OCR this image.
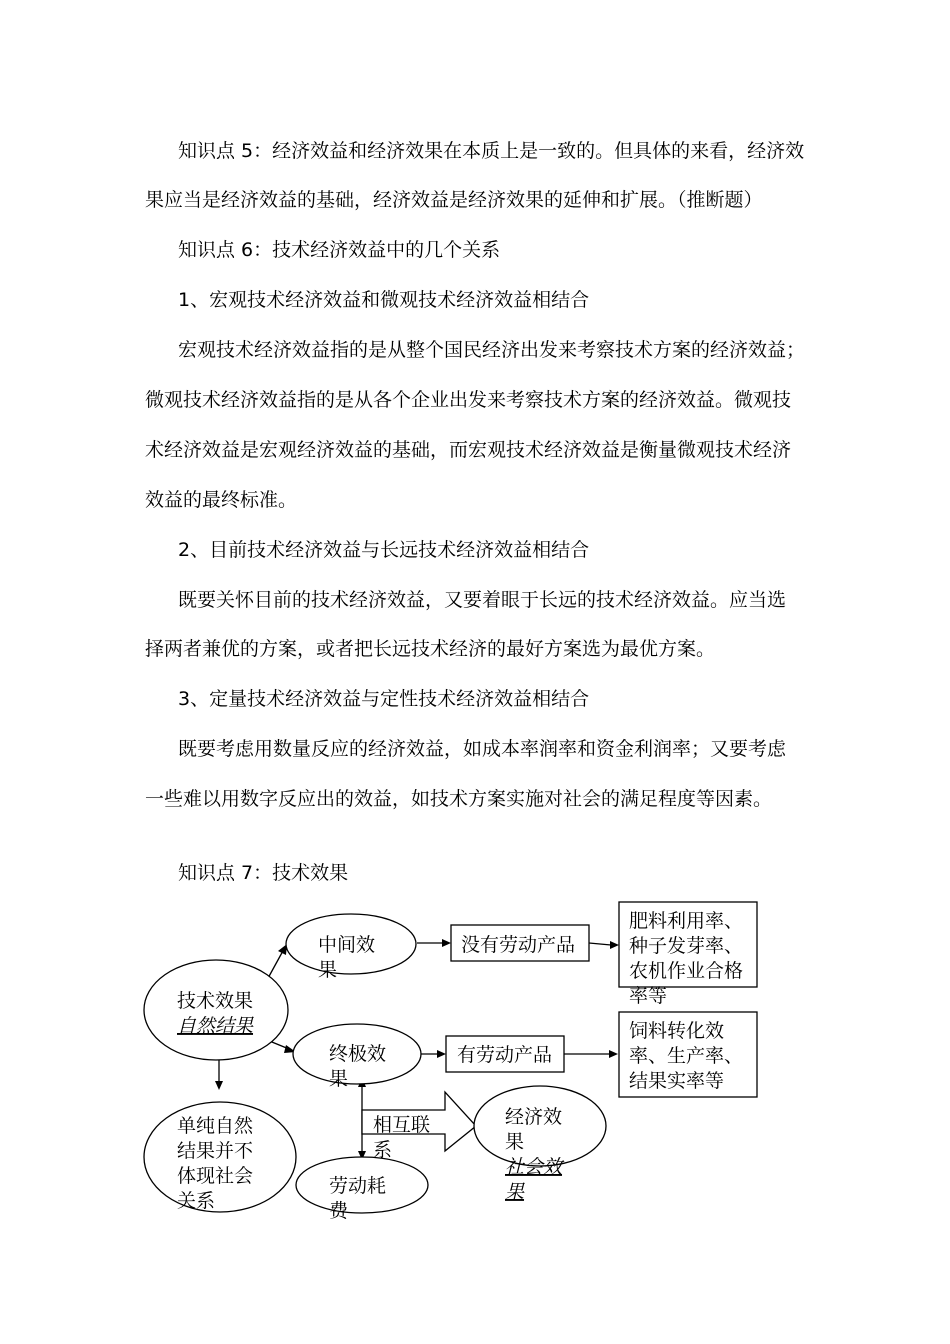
知识点 5：经济效益和经济效果在本质上是一致的。但具体的来看，经济效

果应当是经济效益的基础，经济效益是经济效果的延伸和扩展。（推断题）

知识点 6：技术经济效益中的几个关系

1、宏观技术经济效益和微观技术经济效益相结合

宏观技术经济效益指的是从整个国民经济出发来考察技术方案的经济效益；

微观技术经济效益指的是从各个企业出发来考察技术方案的经济效益。微观技

术经济效益是宏观经济效益的基础，而宏观技术经济效益是衡量微观技术经济

效益的最终标准。

2、目前技术经济效益与长远技术经济效益相结合

既要关怀目前的技术经济效益，又要着眼于长远的技术经济效益。应当选

择两者兼优的方案，或者把长远技术经济的最好方案选为最优方案。

3、定量技术经济效益与定性技术经济效益相结合

既要考虑用数量反应的经济效益，如成本率润率和资金利润率；又要考虑

一些难以用数字反应出的效益，如技术方案实施对社会的满足程度等因素。

知识点 7：技术效果

技术效果
自然结果
中间效
果
终极效
果
没有劳动产品
有劳动产品
肥料利用率、
种子发芽率、
农机作业合格
率等
饲料转化效
率、生产率、
结果实率等
单纯自然
结果并不
体现社会
关系
劳动耗
费
相互联
系
经济效
果
社会效
果
